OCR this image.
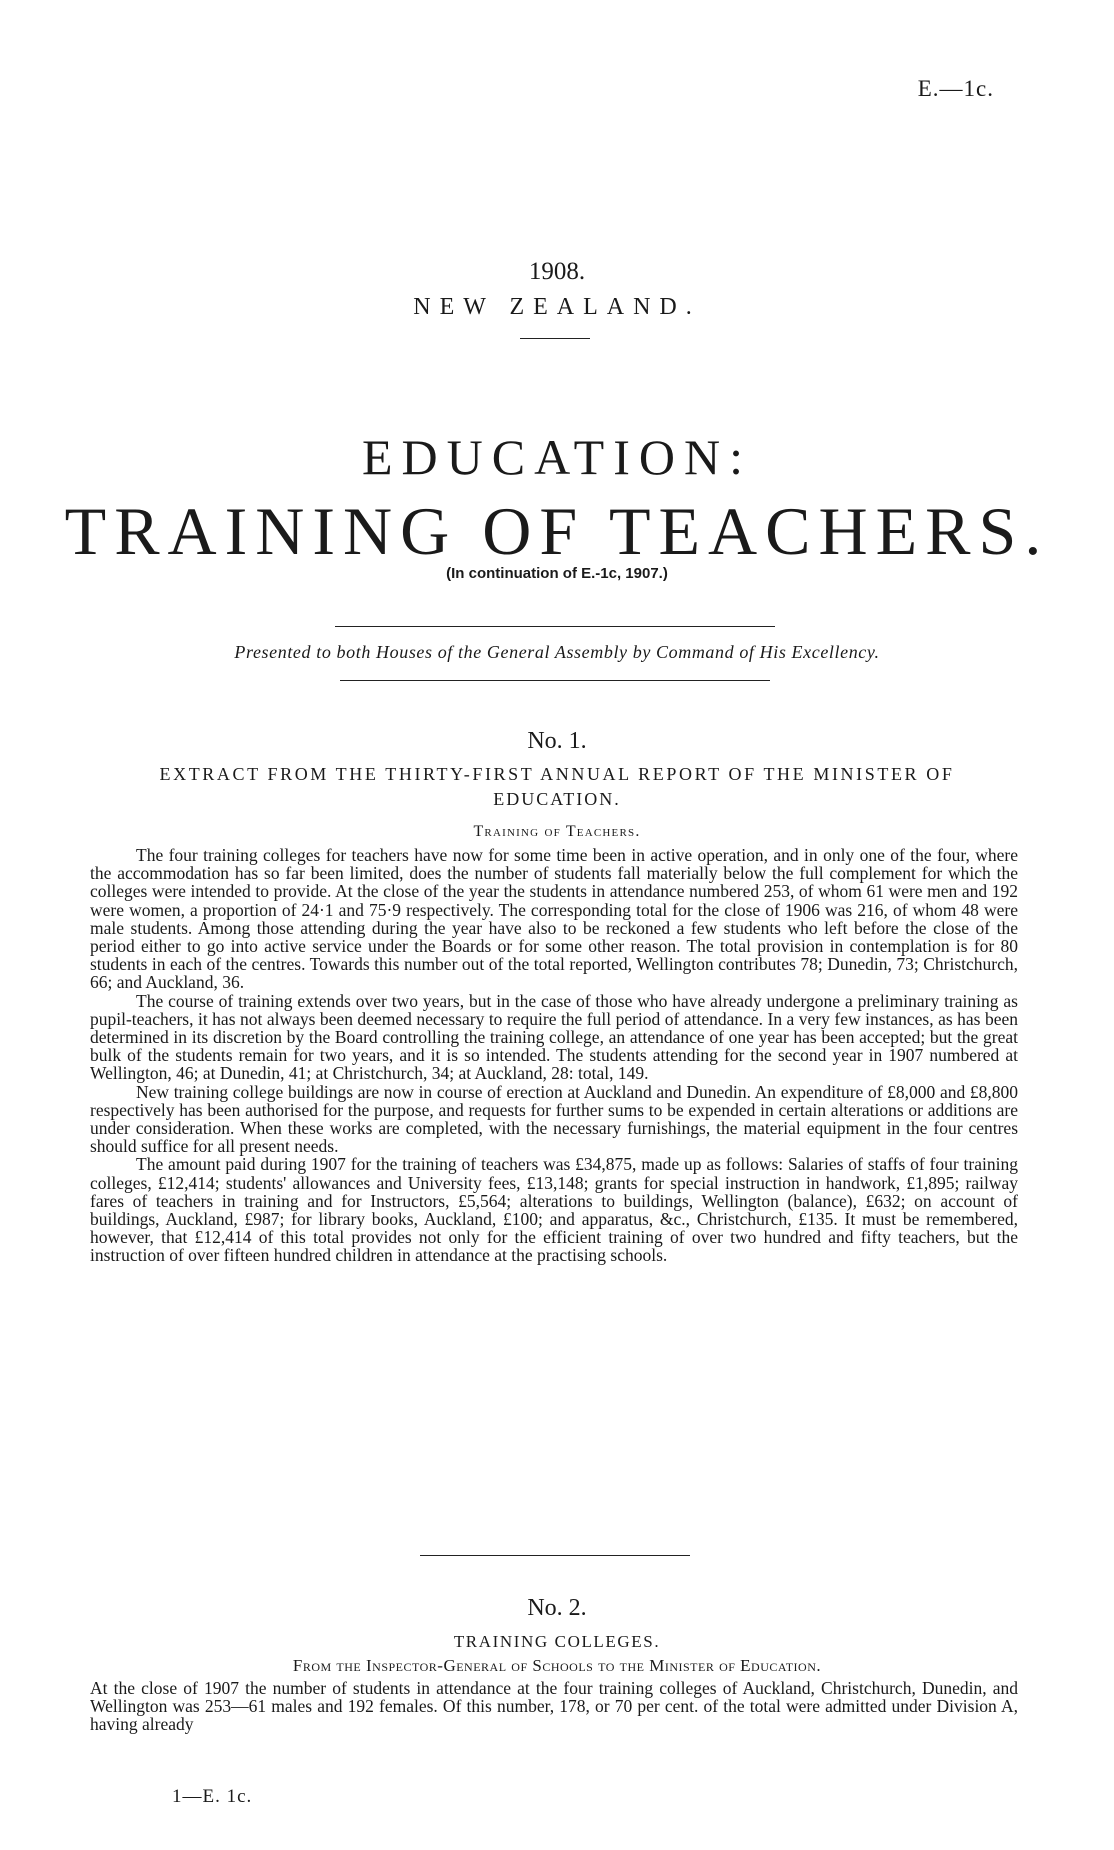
E.—1c.
1908.
NEW ZEALAND.
EDUCATION:
TRAINING OF TEACHERS.
(In continuation of E.-1c, 1907.)
Presented to both Houses of the General Assembly by Command of His Excellency.
No. 1.
EXTRACT FROM THE THIRTY-FIRST ANNUAL REPORT OF THE MINISTER OF
EDUCATION.
Training of Teachers.

The four training colleges for teachers have now for some time been in active operation, and in only one of the four, where the accommodation has so far been limited, does the number of students fall materially below the full complement for which the colleges were intended to provide. At the close of the year the students in attendance numbered 253, of whom 61 were men and 192 were women, a proportion of 24·1 and 75·9 respectively. The corresponding total for the close of 1906 was 216, of whom 48 were male students. Among those attending during the year have also to be reckoned a few students who left before the close of the period either to go into active service under the Boards or for some other reason. The total provision in contemplation is for 80 students in each of the centres. Towards this number out of the total reported, Wellington contributes 78; Dunedin, 73; Christchurch, 66; and Auckland, 36.

The course of training extends over two years, but in the case of those who have already undergone a preliminary training as pupil-teachers, it has not always been deemed necessary to require the full period of attendance. In a very few instances, as has been determined in its discretion by the Board controlling the training college, an attendance of one year has been accepted; but the great bulk of the students remain for two years, and it is so intended. The students attending for the second year in 1907 numbered at Wellington, 46; at Dunedin, 41; at Christchurch, 34; at Auckland, 28: total, 149.

New training college buildings are now in course of erection at Auckland and Dunedin. An expenditure of £8,000 and £8,800 respectively has been authorised for the purpose, and requests for further sums to be expended in certain alterations or additions are under consideration. When these works are completed, with the necessary furnishings, the material equipment in the four centres should suffice for all present needs.

The amount paid during 1907 for the training of teachers was £34,875, made up as follows: Salaries of staffs of four training colleges, £12,414; students' allowances and University fees, £13,148; grants for special instruction in handwork, £1,895; railway fares of teachers in training and for Instructors, £5,564; alterations to buildings, Wellington (balance), £632; on account of buildings, Auckland, £987; for library books, Auckland, £100; and apparatus, &c., Christchurch, £135. It must be remembered, however, that £12,414 of this total provides not only for the efficient training of over two hundred and fifty teachers, but the instruction of over fifteen hundred children in attendance at the practising schools.

No. 2.
TRAINING COLLEGES.
From the Inspector-General of Schools to the Minister of Education.

At the close of 1907 the number of students in attendance at the four training colleges of Auckland, Christchurch, Dunedin, and Wellington was 253—61 males and 192 females. Of this number, 178, or 70 per cent. of the total were admitted under Division A, having already

1—E. 1c.
